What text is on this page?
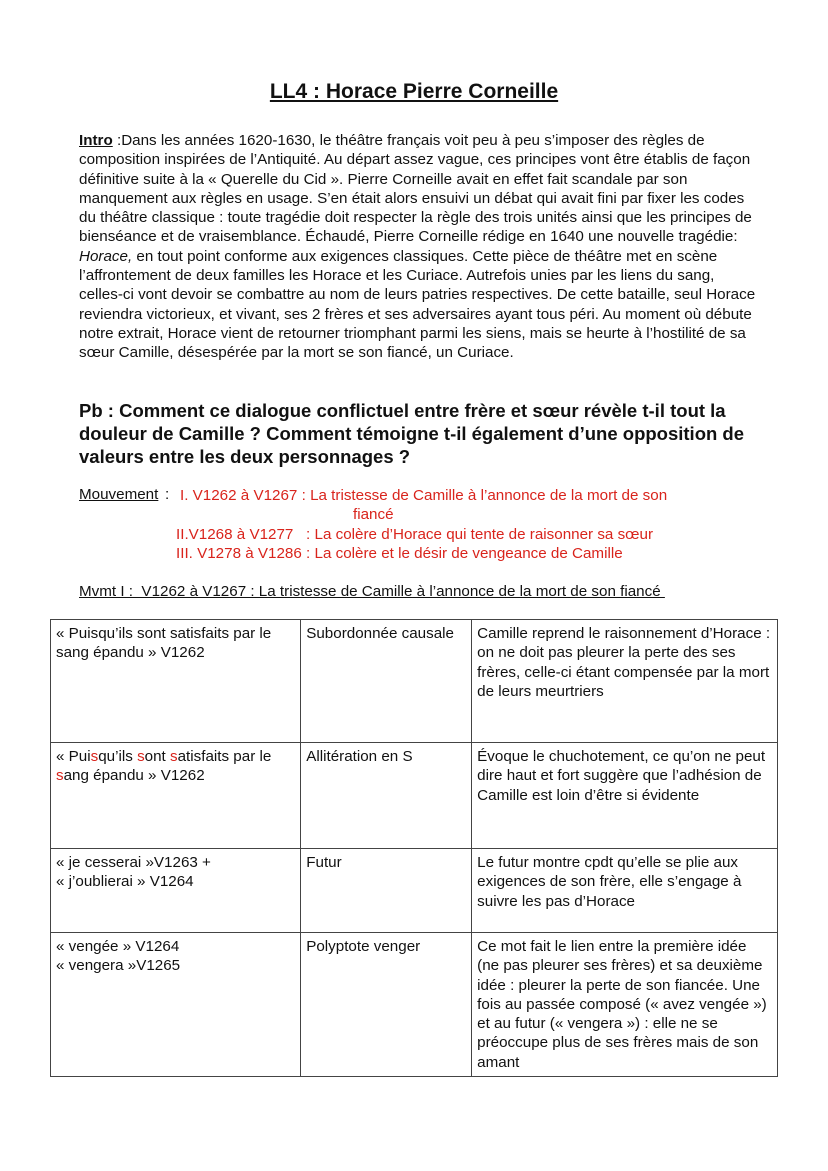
LL4 : Horace Pierre Corneille

Intro :Dans les années 1620-1630, le théâtre français voit peu à peu s’imposer des règles de composition inspirées de l’Antiquité. Au départ assez vague, ces principes vont être établis de façon définitive suite à la « Querelle du Cid ». Pierre Corneille avait en effet fait scandale par son manquement aux règles en usage. S’en était alors ensuivi un débat qui avait fini par fixer les codes du théâtre classique : toute tragédie doit respecter la règle des trois unités ainsi que les principes de bienséance et de vraisemblance. Échaudé, Pierre Corneille rédige en 1640 une nouvelle tragédie: Horace, en tout point conforme aux exigences classiques. Cette pièce de théâtre met en scène l’affrontement de deux familles les Horace et les Curiace. Autrefois unies par les liens du sang, celles-ci vont devoir se combattre au nom de leurs patries respectives. De cette bataille, seul Horace reviendra victorieux, et vivant, ses 2 frères et ses adversaires ayant tous péri. Au moment où débute notre extrait, Horace vient de retourner triomphant parmi les siens, mais se heurte à l’hostilité de sa sœur Camille, désespérée par la mort se son fiancé, un Curiace.

Pb : Comment ce dialogue conflictuel entre frère et sœur révèle t-il tout la douleur de Camille ? Comment témoigne t-il également d’une opposition de valeurs entre les deux personnages ?

Mouvement : I. V1262 à V1267 : La tristesse de Camille à l’annonce de la mort de son
fiancé
II.V1268 à V1277   : La colère d’Horace qui tente de raisonner sa sœur
III. V1278 à V1286 : La colère et le désir de vengeance de Camille
Mvmt I :  V1262 à V1267 : La tristesse de Camille à l’annonce de la mort de son fiancé
« Puisqu’ils sont satisfaits par le sang épandu » V1262	Subordonnée causale	Camille reprend le raisonnement d’Horace : on ne doit pas pleurer la perte des ses frères, celle-ci étant compensée par la mort de leurs meurtriers
« Puisqu’ils sont satisfaits par le sang épandu » V1262	Allitération en S	Évoque le chuchotement, ce qu’on ne peut dire haut et fort suggère que l’adhésion de Camille est loin d’être si évidente
« je cesserai »V1263 +
« j’oublierai » V1264	Futur	Le futur montre cpdt qu’elle se plie aux exigences de son frère, elle s’engage à suivre les pas d’Horace
« vengée » V1264
« vengera »V1265	Polyptote venger	Ce mot fait le lien entre la première idée (ne pas pleurer ses frères) et sa deuxième idée : pleurer la perte de son fiancée. Une fois au passée composé (« avez vengée ») et au futur (« vengera ») : elle ne se préoccupe plus de ses frères mais de son amant
